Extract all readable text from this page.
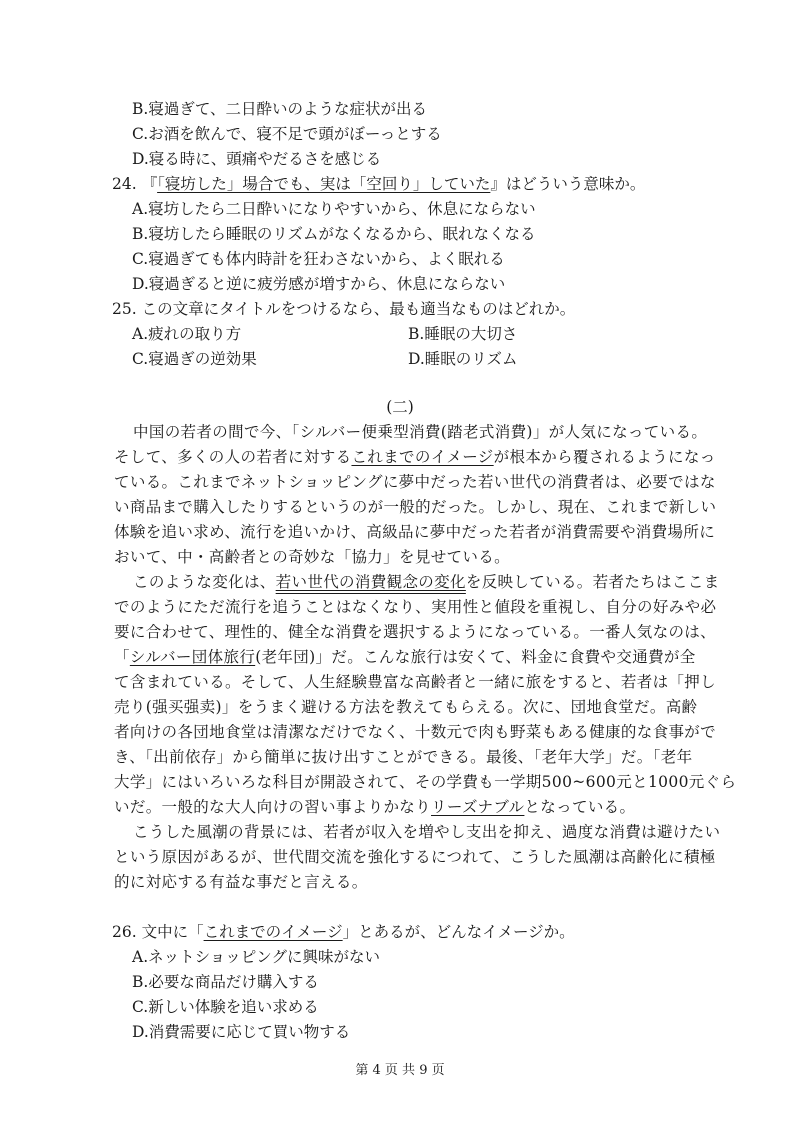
B.寝過ぎて、二日酔いのような症状が出る
C.お酒を飲んで、寝不足で頭がぼーっとする
D.寝る時に、頭痛やだるさを感じる
24. 『「寝坊した」場合でも、実は「空回り」していた』はどういう意味か。
A.寝坊したら二日酔いになりやすいから、休息にならない
B.寝坊したら睡眠のリズムがなくなるから、眠れなくなる
C.寝過ぎても体内時計を狂わさないから、よく眠れる
D.寝過ぎると逆に疲労感が増すから、休息にならない
25. この文章にタイトルをつけるなら、最も適当なものはどれか。
A.疲れの取り方	B.睡眠の大切さ
C.寝過ぎの逆効果	D.睡眠のリズム
(二)
中国の若者の間で今、「シルバー便乗型消費(踏老式消費)」が人気になっている。
そして、多くの人の若者に対するこれまでのイメージが根本から覆されるようになっ
ている。これまでネットショッピングに夢中だった若い世代の消費者は、必要ではな
い商品まで購入したりするというのが一般的だった。しかし、現在、これまで新しい
体験を追い求め、流行を追いかけ、高級品に夢中だった若者が消費需要や消費場所に
おいて、中・高齢者との奇妙な「協力」を見せている。
このような変化は、若い世代の消費観念の変化を反映している。若者たちはここま
でのようにただ流行を追うことはなくなり、実用性と値段を重視し、自分の好みや必
要に合わせて、理性的、健全な消費を選択するようになっている。一番人気なのは、
「シルバー団体旅行(老年団)」だ。こんな旅行は安くて、料金に食費や交通費が全
て含まれている。そして、人生経験豊富な高齢者と一緒に旅をすると、若者は「押し
売り(强买强卖)」をうまく避ける方法を教えてもらえる。次に、団地食堂だ。高齢
者向けの各団地食堂は清潔なだけでなく、十数元で肉も野菜もある健康的な食事がで
き、「出前依存」から簡単に抜け出すことができる。最後、「老年大学」だ。「老年
大学」にはいろいろな科目が開設されて、その学費も一学期500~600元と1000元ぐら
いだ。一般的な大人向けの習い事よりかなりリーズナブルとなっている。
こうした風潮の背景には、若者が収入を増やし支出を抑え、過度な消費は避けたい
という原因があるが、世代間交流を強化するにつれて、こうした風潮は高齢化に積極
的に対応する有益な事だと言える。
26. 文中に「これまでのイメージ」とあるが、どんなイメージか。
A.ネットショッピングに興味がない
B.必要な商品だけ購入する
C.新しい体験を追い求める
D.消費需要に応じて買い物する
第 4 页 共 9 页
